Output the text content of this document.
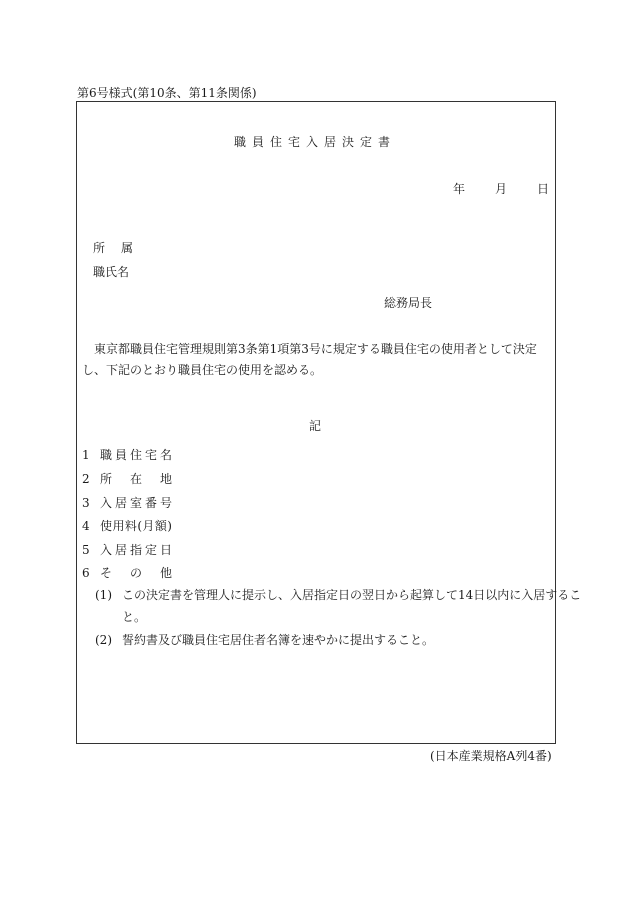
第6号様式(第10条、第11条関係)
職員住宅入居決定書
年	月	日
所 属
職氏名
総務局長
東京都職員住宅管理規則第3条第1項第3号に規定する職員住宅の使用者として決定し、下記のとおり職員住宅の使用を認める。
記
1 職員住宅名
2 所在地
3 入居室番号
4 使用料(月額)
5 入居指定日
6 その他
(1) この決定書を管理人に提示し、入居指定日の翌日から起算して14日以内に入居すること。
(2) 誓約書及び職員住宅居住者名簿を速やかに提出すること。
(日本産業規格A列4番)
